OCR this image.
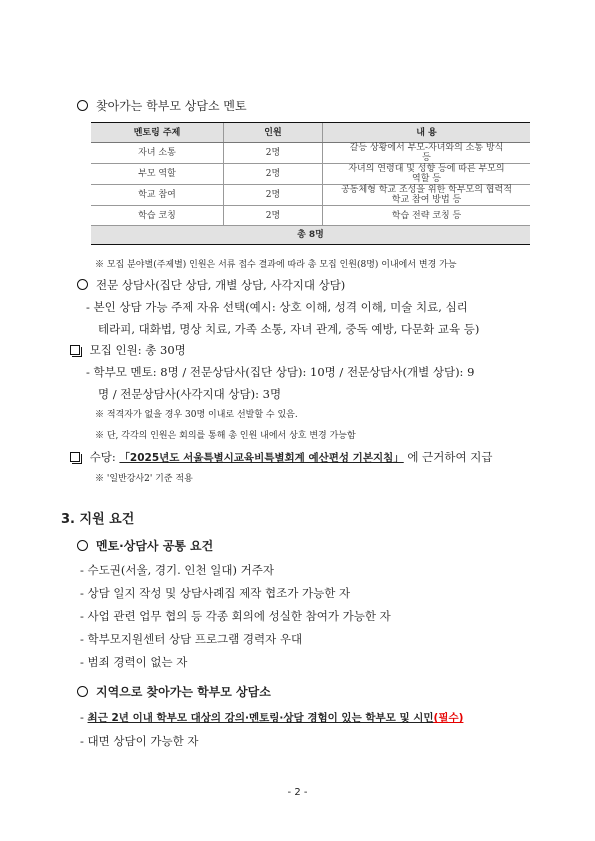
찾아가는 학부모 상담소 멘토
멘토링 주제	인원	내 용
자녀 소통	2명	갈등 상황에서 부모-자녀와의 소통 방식 등
부모 역할	2명	자녀의 연령대 및 성향 등에 따른 부모의 역할 등
학교 참여	2명	공동체형 학교 조성을 위한 학부모의 협력적 학교 참여 방법 등
학습 코칭	2명	학습 전략 코칭 등
총 8명		
※ 모집 분야별(주제별) 인원은 서류 접수 결과에 따라 총 모집 인원(8명) 이내에서 변경 가능
전문 상담사(집단 상담, 개별 상담, 사각지대 상담)
- 본인 상담 가능 주제 자유 선택(예시: 상호 이해, 성격 이해, 미술 치료, 심리
테라피, 대화법, 명상 치료, 가족 소통, 자녀 관계, 중독 예방, 다문화 교육 등)
모집 인원: 총 30명
- 학부모 멘토: 8명 / 전문상담사(집단 상담): 10명 / 전문상담사(개별 상담): 9
명 / 전문상담사(사각지대 상담): 3명
※ 적격자가 없을 경우 30명 이내로 선발할 수 있음.
※ 단, 각각의 인원은 회의를 통해 총 인원 내에서 상호 변경 가능함
수당: 「2025년도 서울특별시교육비특별회계 예산편성 기본지침」 에 근거하여 지급
※ '일반강사2' 기준 적용
3. 지원 요건
멘토·상담사 공통 요건
- 수도권(서울, 경기. 인천 일대) 거주자
- 상담 일지 작성 및 상담사례집 제작 협조가 가능한 자
- 사업 관련 업무 협의 등 각종 회의에 성실한 참여가 가능한 자
- 학부모지원센터 상담 프로그램 경력자 우대
- 범죄 경력이 없는 자
지역으로 찾아가는 학부모 상담소
- 최근 2년 이내 학부모 대상의 강의·멘토링·상담 경험이 있는 학부모 및 시민(필수)
- 대면 상담이 가능한 자
- 2 -
